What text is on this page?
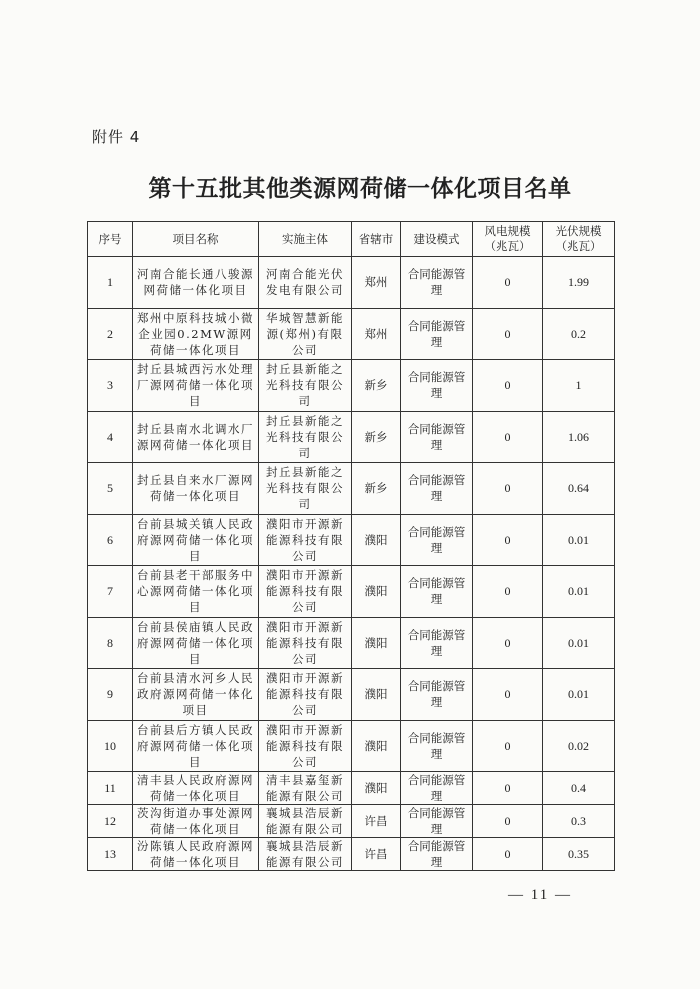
附件 4
第十五批其他类源网荷储一体化项目名单
序号	项目名称	实施主体	省辖市	建设模式	风电规模（兆瓦）	光伏规模（兆瓦）
1	河南合能长通八骏源网荷储一体化项目	河南合能光伏发电有限公司	郑州	合同能源管理	0	1.99
2	郑州中原科技城小微企业园0.2MW源网荷储一体化项目	华城智慧新能源(郑州)有限公司	郑州	合同能源管理	0	0.2
3	封丘县城西污水处理厂源网荷储一体化项目	封丘县新能之光科技有限公司	新乡	合同能源管理	0	1
4	封丘县南水北调水厂源网荷储一体化项目	封丘县新能之光科技有限公司	新乡	合同能源管理	0	1.06
5	封丘县自来水厂源网荷储一体化项目	封丘县新能之光科技有限公司	新乡	合同能源管理	0	0.64
6	台前县城关镇人民政府源网荷储一体化项目	濮阳市开源新能源科技有限公司	濮阳	合同能源管理	0	0.01
7	台前县老干部服务中心源网荷储一体化项目	濮阳市开源新能源科技有限公司	濮阳	合同能源管理	0	0.01
8	台前县侯庙镇人民政府源网荷储一体化项目	濮阳市开源新能源科技有限公司	濮阳	合同能源管理	0	0.01
9	台前县清水河乡人民政府源网荷储一体化项目	濮阳市开源新能源科技有限公司	濮阳	合同能源管理	0	0.01
10	台前县后方镇人民政府源网荷储一体化项目	濮阳市开源新能源科技有限公司	濮阳	合同能源管理	0	0.02
11	清丰县人民政府源网荷储一体化项目	清丰县嘉玺新能源有限公司	濮阳	合同能源管理	0	0.4
12	茨沟街道办事处源网荷储一体化项目	襄城县浩辰新能源有限公司	许昌	合同能源管理	0	0.3
13	汾陈镇人民政府源网荷储一体化项目	襄城县浩辰新能源有限公司	许昌	合同能源管理	0	0.35
— 11 —
